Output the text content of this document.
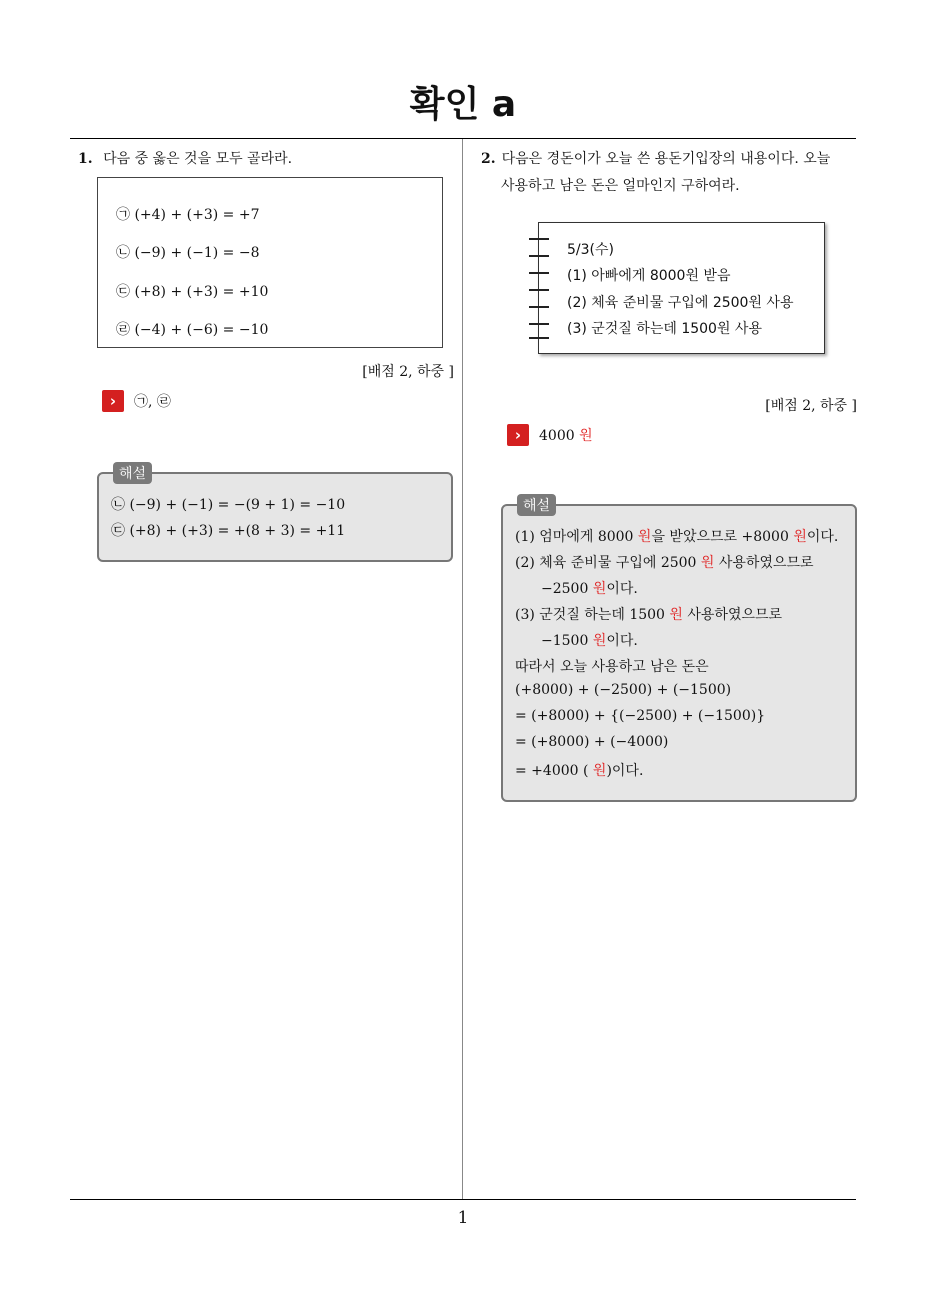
확인 a
1. 다음 중 옳은 것을 모두 골라라.
㉠ (+4) + (+3) = +7
㉡ (−9) + (−1) = −8
㉢ (+8) + (+3) = +10
㉣ (−4) + (−6) = −10
[배점 2, 하중 ]
›	㉠, ㉣
해설
㉡ (−9) + (−1) = −(9 + 1) = −10
㉢ (+8) + (+3) = +(8 + 3) = +11
2. 다음은 경돈이가 오늘 쓴 용돈기입장의 내용이다. 오늘
사용하고 남은 돈은 얼마인지 구하여라.
5/3(수)
(1) 아빠에게 8000원 받음
(2) 체육 준비물 구입에 2500원 사용
(3) 군것질 하는데 1500원 사용
[배점 2, 하중 ]
›	4000 원
해설
(1) 엄마에게 8000 원을 받았으므로 +8000 원이다.
(2) 체육 준비물 구입에 2500 원 사용하였으므로
−2500 원이다.
(3) 군것질 하는데 1500 원 사용하였으므로
−1500 원이다.
따라서 오늘 사용하고 남은 돈은
(+8000) + (−2500) + (−1500)
= (+8000) + {(−2500) + (−1500)}
= (+8000) + (−4000)
= +4000 ( 원)이다.
1
